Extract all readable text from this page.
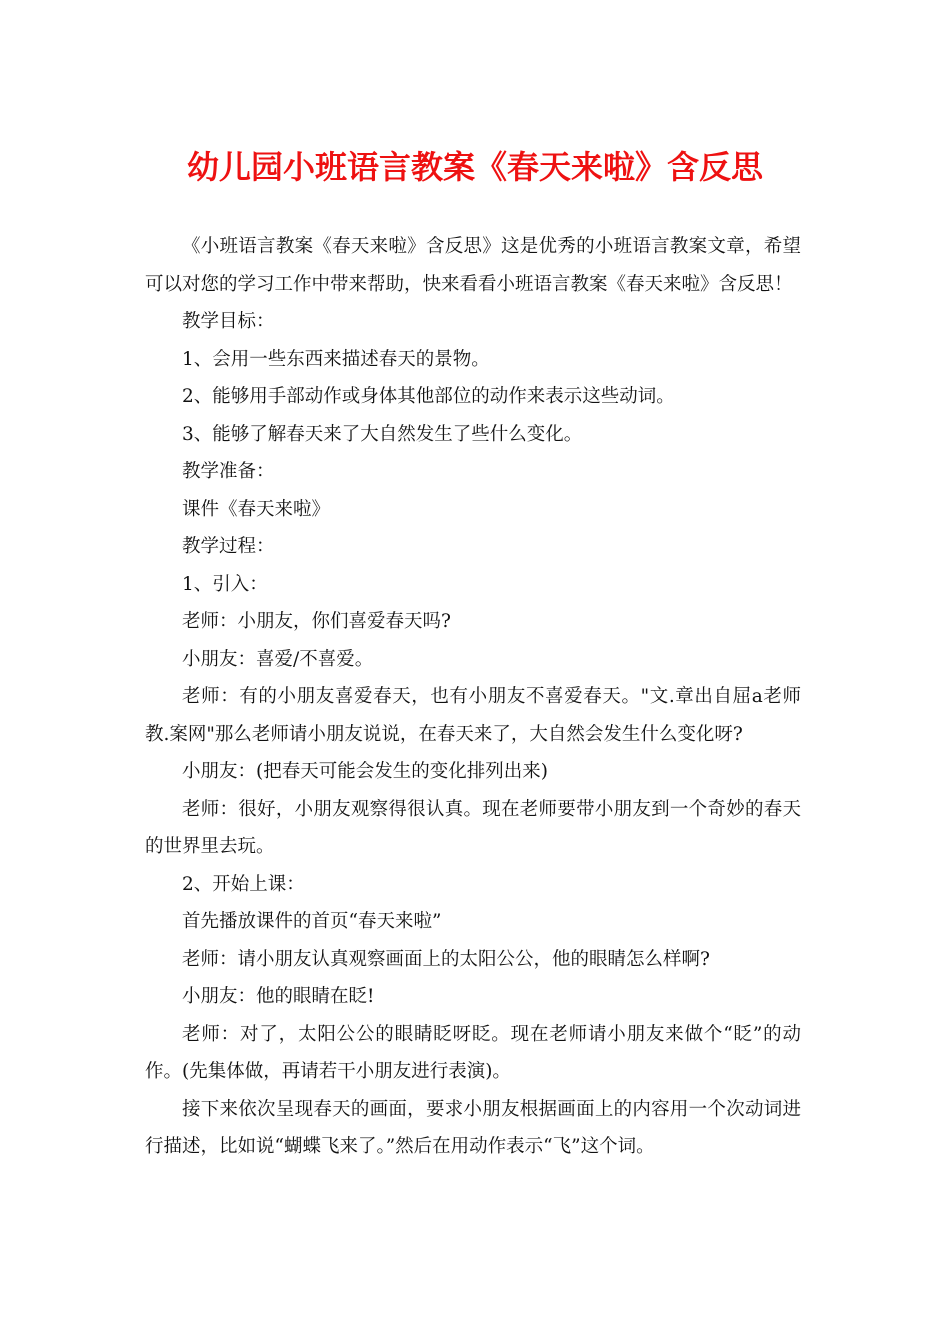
幼儿园小班语言教案《春天来啦》含反思

《小班语言教案《春天来啦》含反思》这是优秀的小班语言教案文章，希望可以对您的学习工作中带来帮助，快来看看小班语言教案《春天来啦》含反思！

教学目标：

1、会用一些东西来描述春天的景物。

2、能够用手部动作或身体其他部位的动作来表示这些动词。

3、能够了解春天来了大自然发生了些什么变化。

教学准备：

课件《春天来啦》

教学过程：

1、引入：

老师：小朋友，你们喜爱春天吗?

小朋友：喜爱/不喜爱。

老师：有的小朋友喜爱春天，也有小朋友不喜爱春天。"文.章出自屈a老师教.案网"那么老师请小朋友说说，在春天来了，大自然会发生什么变化呀?

小朋友：(把春天可能会发生的变化排列出来)

老师：很好，小朋友观察得很认真。现在老师要带小朋友到一个奇妙的春天的世界里去玩。

2、开始上课：

首先播放课件的首页“春天来啦”

老师：请小朋友认真观察画面上的太阳公公，他的眼睛怎么样啊?

小朋友：他的眼睛在眨!

老师：对了，太阳公公的眼睛眨呀眨。现在老师请小朋友来做个“眨”的动作。(先集体做，再请若干小朋友进行表演)。

接下来依次呈现春天的画面，要求小朋友根据画面上的内容用一个次动词进行描述，比如说“蝴蝶飞来了。”然后在用动作表示“飞”这个词。
